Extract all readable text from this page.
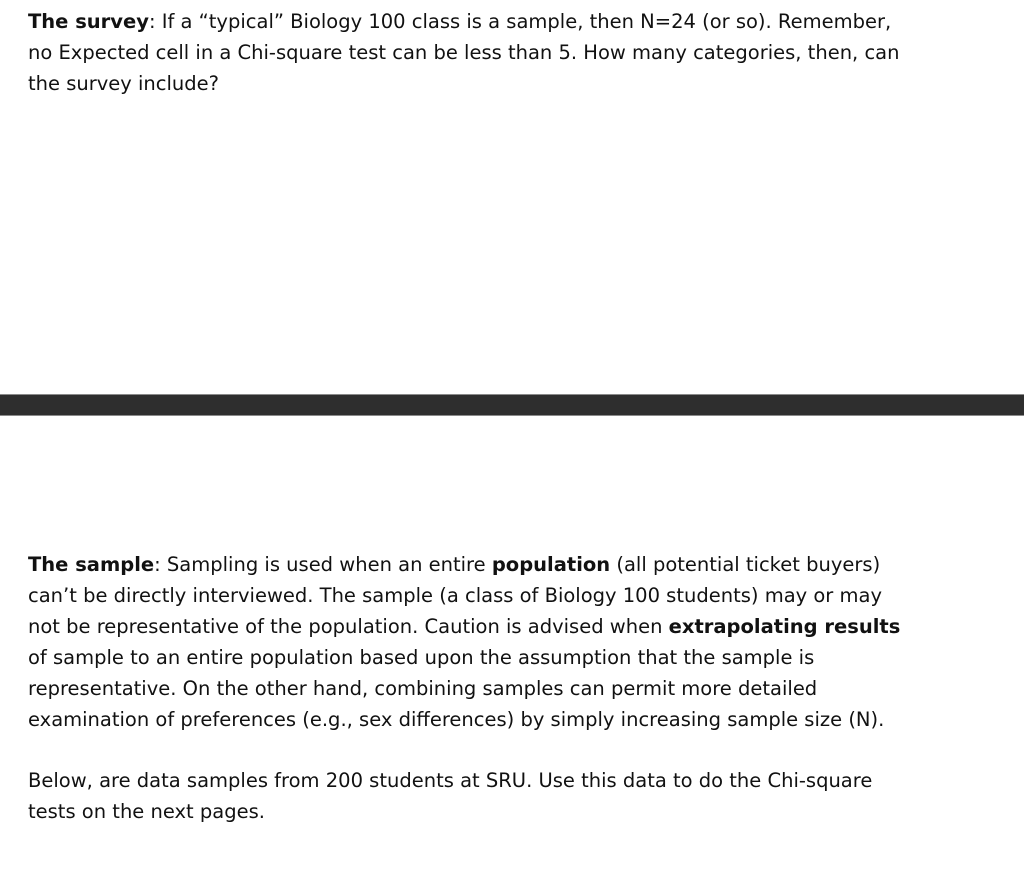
The survey: If a “typical” Biology 100 class is a sample, then N=24 (or so). Remember, no Expected cell in a Chi-square test can be less than 5. How many categories, then, can the survey include?

The sample: Sampling is used when an entire population (all potential ticket buyers) can’t be directly interviewed. The sample (a class of Biology 100 students) may or may not be representative of the population. Caution is advised when extrapolating results of sample to an entire population based upon the assumption that the sample is representative. On the other hand, combining samples can permit more detailed examination of preferences (e.g., sex differences) by simply increasing sample size (N).

Below, are data samples from 200 students at SRU. Use this data to do the Chi-square tests on the next pages.
